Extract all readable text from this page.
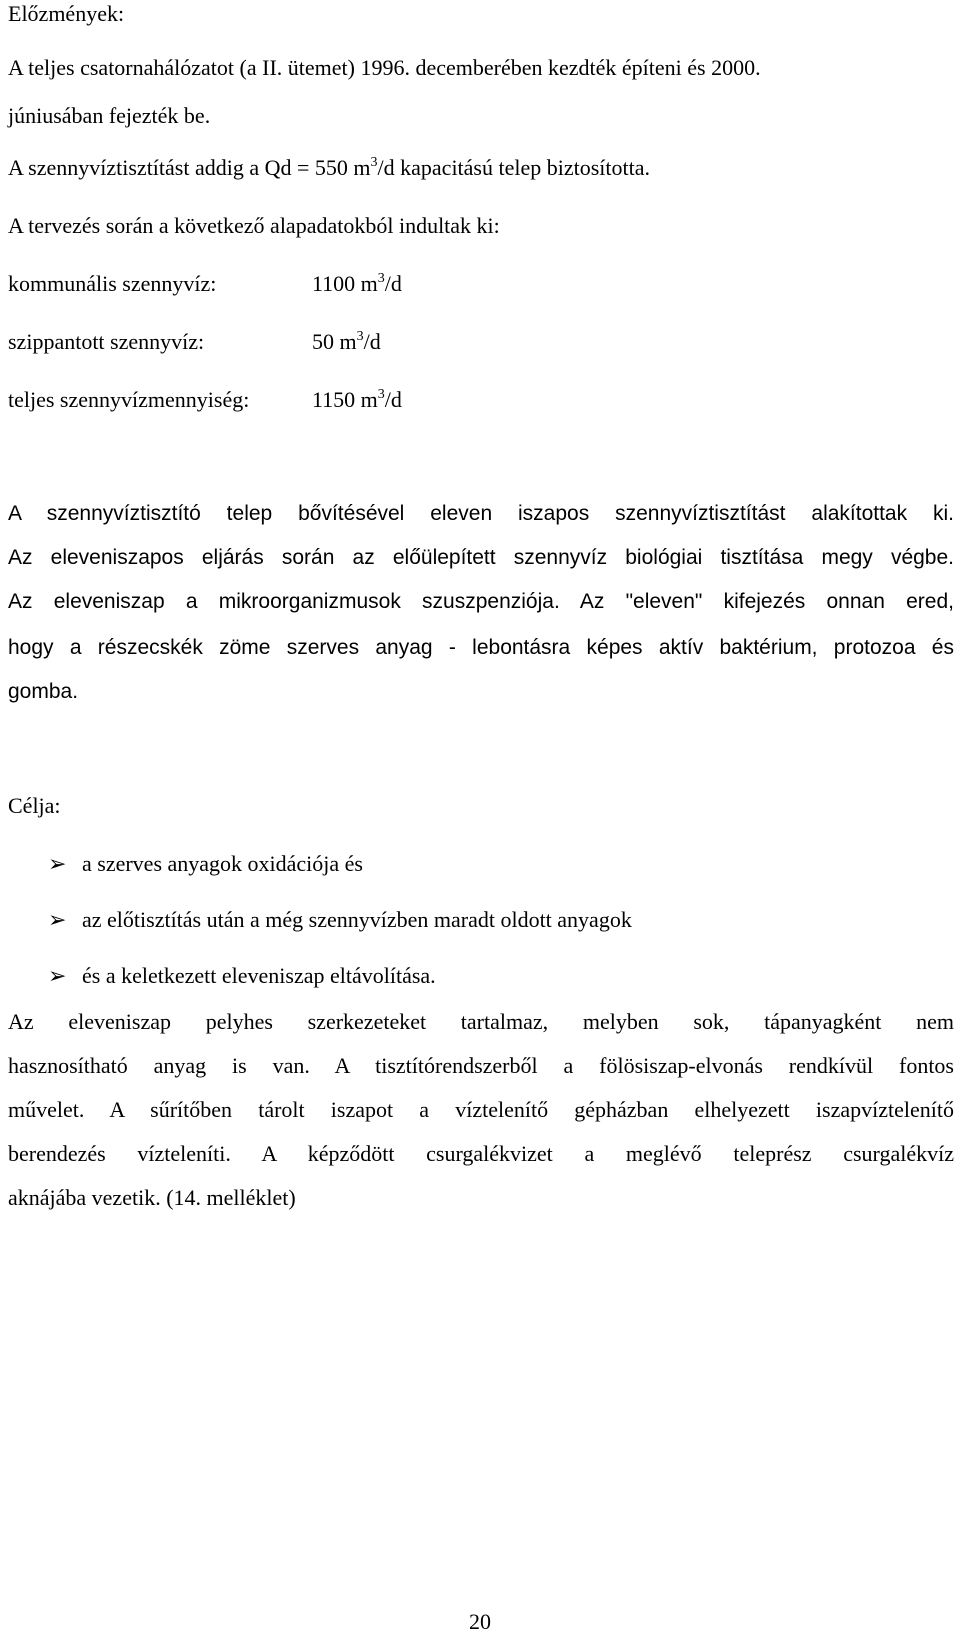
Előzmények:
A teljes csatornahálózatot (a II. ütemet) 1996. decemberében kezdték építeni és 2000.
júniusában fejezték be.
A szennyvíztisztítást addig a Qd = 550 $m^3/d$ kapacitású telep biztosította.
A tervezés során a következő alapadatokból indultak ki:
kommunális szennyvíz:	1100 $m^3/d$
szippantott szennyvíz:	50 $m^3/d$
teljes szennyvízmennyiség:	1150 $m^3/d$
A szennyvíztisztító telep bővítésével eleven iszapos szennyvíztisztítást alakítottak ki.
Az eleveniszapos eljárás során az előülepített szennyvíz biológiai tisztítása megy végbe.
Az eleveniszap a mikroorganizmusok szuszpenziója. Az "eleven" kifejezés onnan ered,
hogy a részecskék zöme szerves anyag - lebontásra képes aktív baktérium, protozoa és
gomba.
Célja:
➢ a szerves anyagok oxidációja és
➢ az előtisztítás után a még szennyvízben maradt oldott anyagok
➢ és a keletkezett eleveniszap eltávolítása.
Az eleveniszap pelyhes szerkezeteket tartalmaz, melyben sok, tápanyagként nem
hasznosítható anyag is van. A tisztítórendszerből a fölösiszap-elvonás rendkívül fontos
művelet. A sűrítőben tárolt iszapot a víztelenítő gépházban elhelyezett iszapvíztelenítő
berendezés vízteleníti. A képződött csurgalékvizet a meglévő teleprész csurgalékvíz
aknájába vezetik. (14. melléklet)
20
